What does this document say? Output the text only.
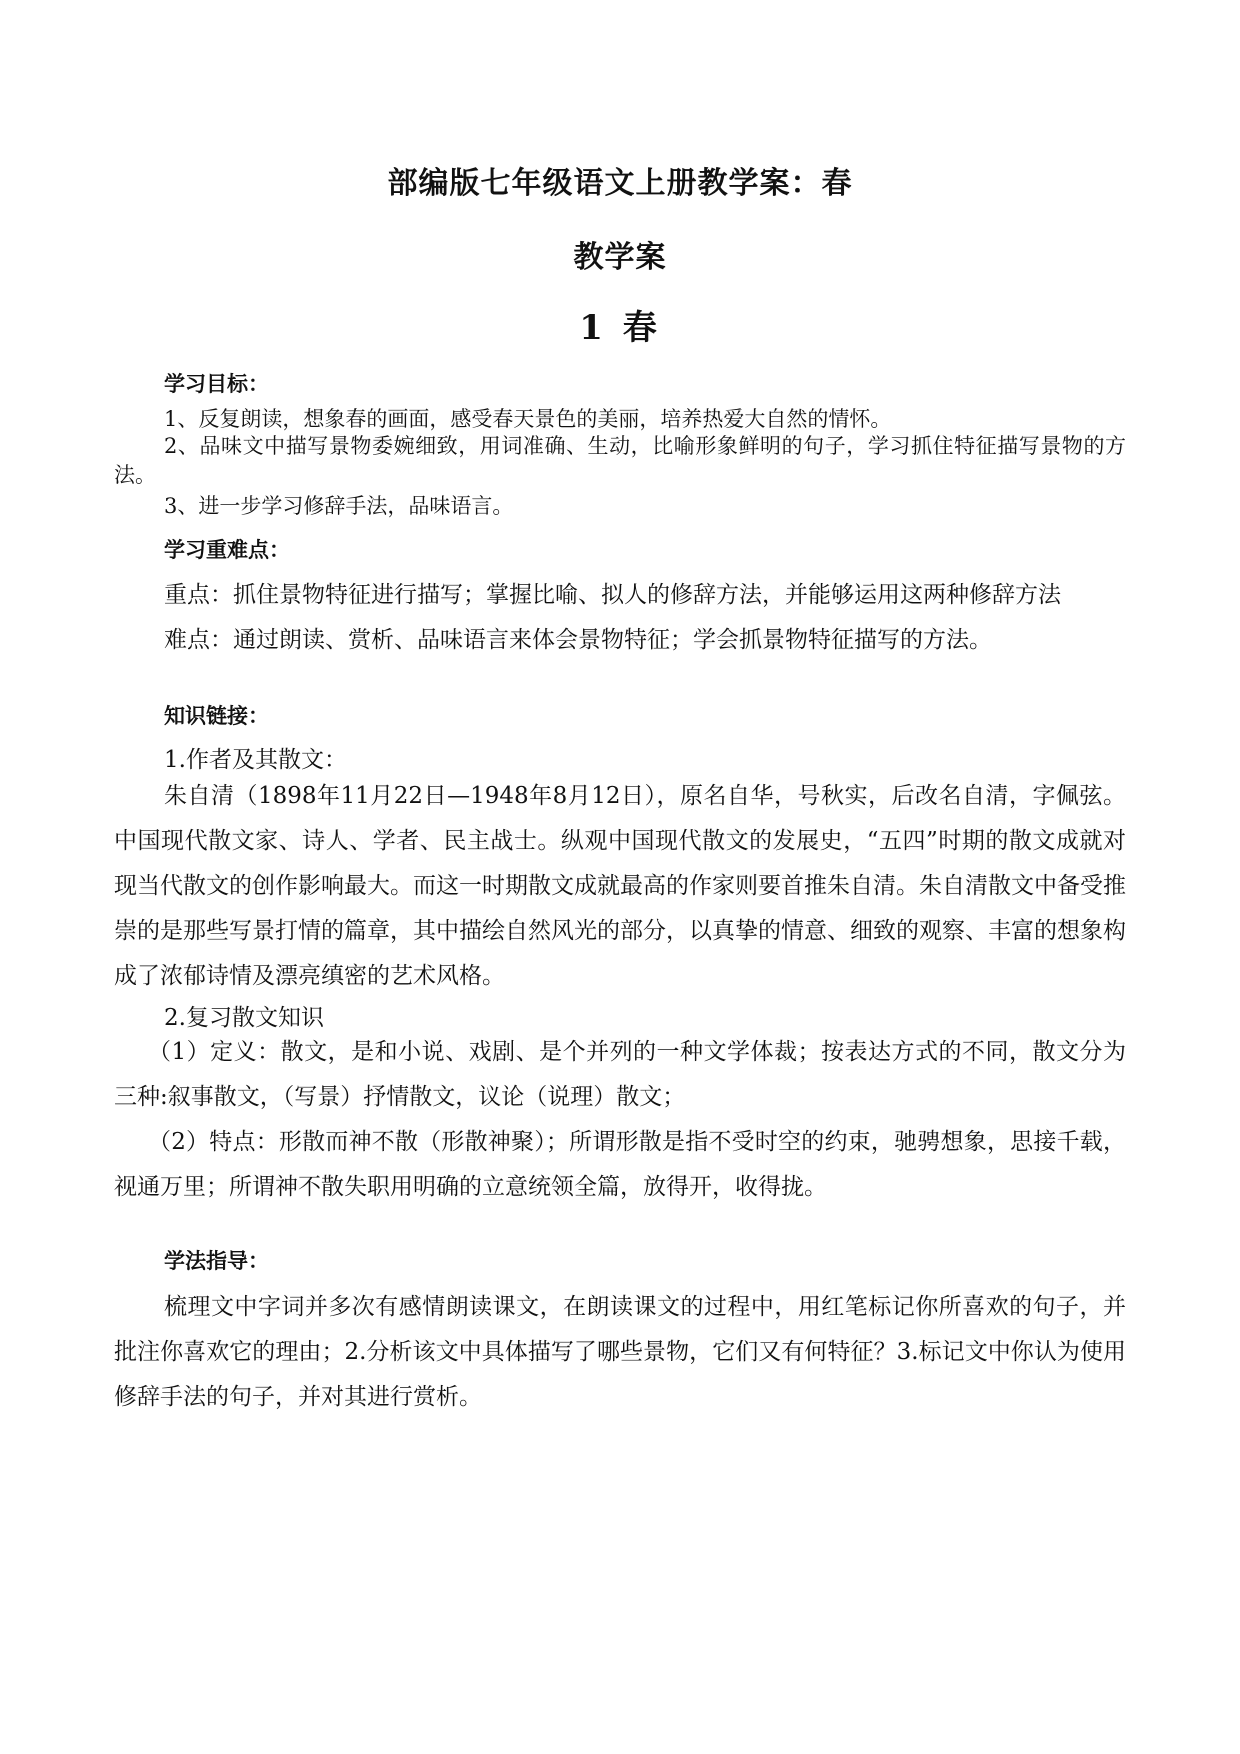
部编版七年级语文上册教学案：春
教学案
1 春
学习目标：
1、反复朗读，想象春的画面，感受春天景色的美丽，培养热爱大自然的情怀。
2、品味文中描写景物委婉细致，用词准确、生动，比喻形象鲜明的句子，学习抓住特征描写景物的方法。
3、进一步学习修辞手法，品味语言。
学习重难点：
重点：抓住景物特征进行描写；掌握比喻、拟人的修辞方法，并能够运用这两种修辞方法
难点：通过朗读、赏析、品味语言来体会景物特征；学会抓景物特征描写的方法。
知识链接：
1.作者及其散文：
朱自清（1898年11月22日—1948年8月12日），原名自华，号秋实，后改名自清，字佩弦。中国现代散文家、诗人、学者、民主战士。纵观中国现代散文的发展史，“五四”时期的散文成就对现当代散文的创作影响最大。而这一时期散文成就最高的作家则要首推朱自清。朱自清散文中备受推崇的是那些写景打情的篇章，其中描绘自然风光的部分，以真挚的情意、细致的观察、丰富的想象构成了浓郁诗情及漂亮缜密的艺术风格。
2.复习散文知识
（1）定义：散文，是和小说、戏剧、是个并列的一种文学体裁；按表达方式的不同，散文分为三种:叙事散文，（写景）抒情散文，议论（说理）散文；
（2）特点：形散而神不散（形散神聚）；所谓形散是指不受时空的约束，驰骋想象，思接千载，视通万里；所谓神不散失职用明确的立意统领全篇，放得开，收得拢。
学法指导：
梳理文中字词并多次有感情朗读课文，在朗读课文的过程中，用红笔标记你所喜欢的句子，并批注你喜欢它的理由；2.分析该文中具体描写了哪些景物，它们又有何特征？3.标记文中你认为使用修辞手法的句子，并对其进行赏析。
